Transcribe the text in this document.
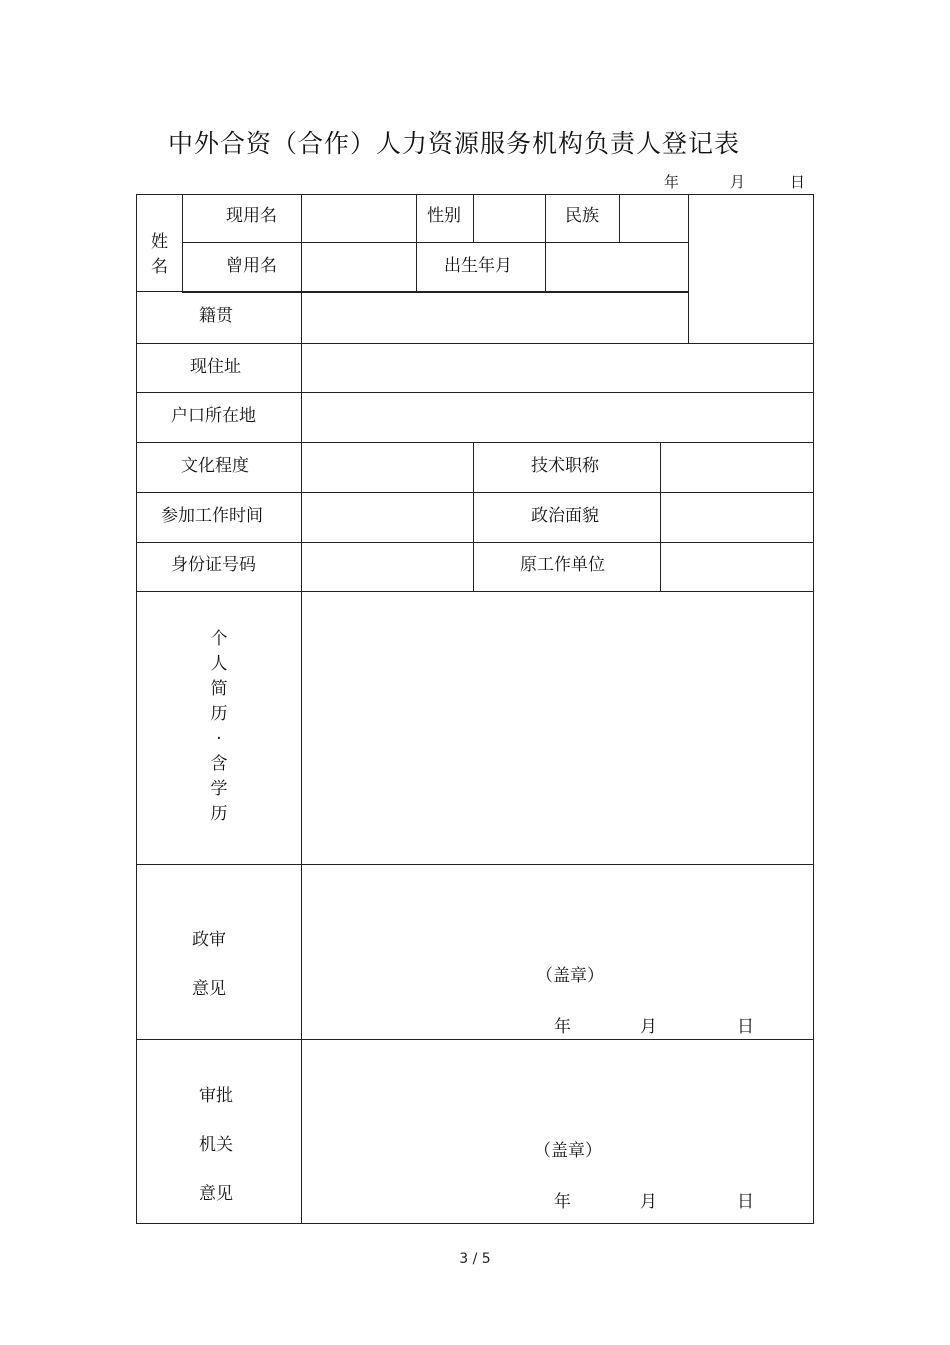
中外合资（合作）人力资源服务机构负责人登记表
年	月	日
姓名
现用名	性别	民族
曾用名	出生年月
籍贯
现住址
户口所在地
文化程度	技术职称
参加工作时间	政治面貌
身份证号码	原工作单位
个
人
简
历
·
含
学
历
政审
意见
（盖章）
年	月	日
审批
机关
意见
（盖章）
年	月	日
3 / 5
